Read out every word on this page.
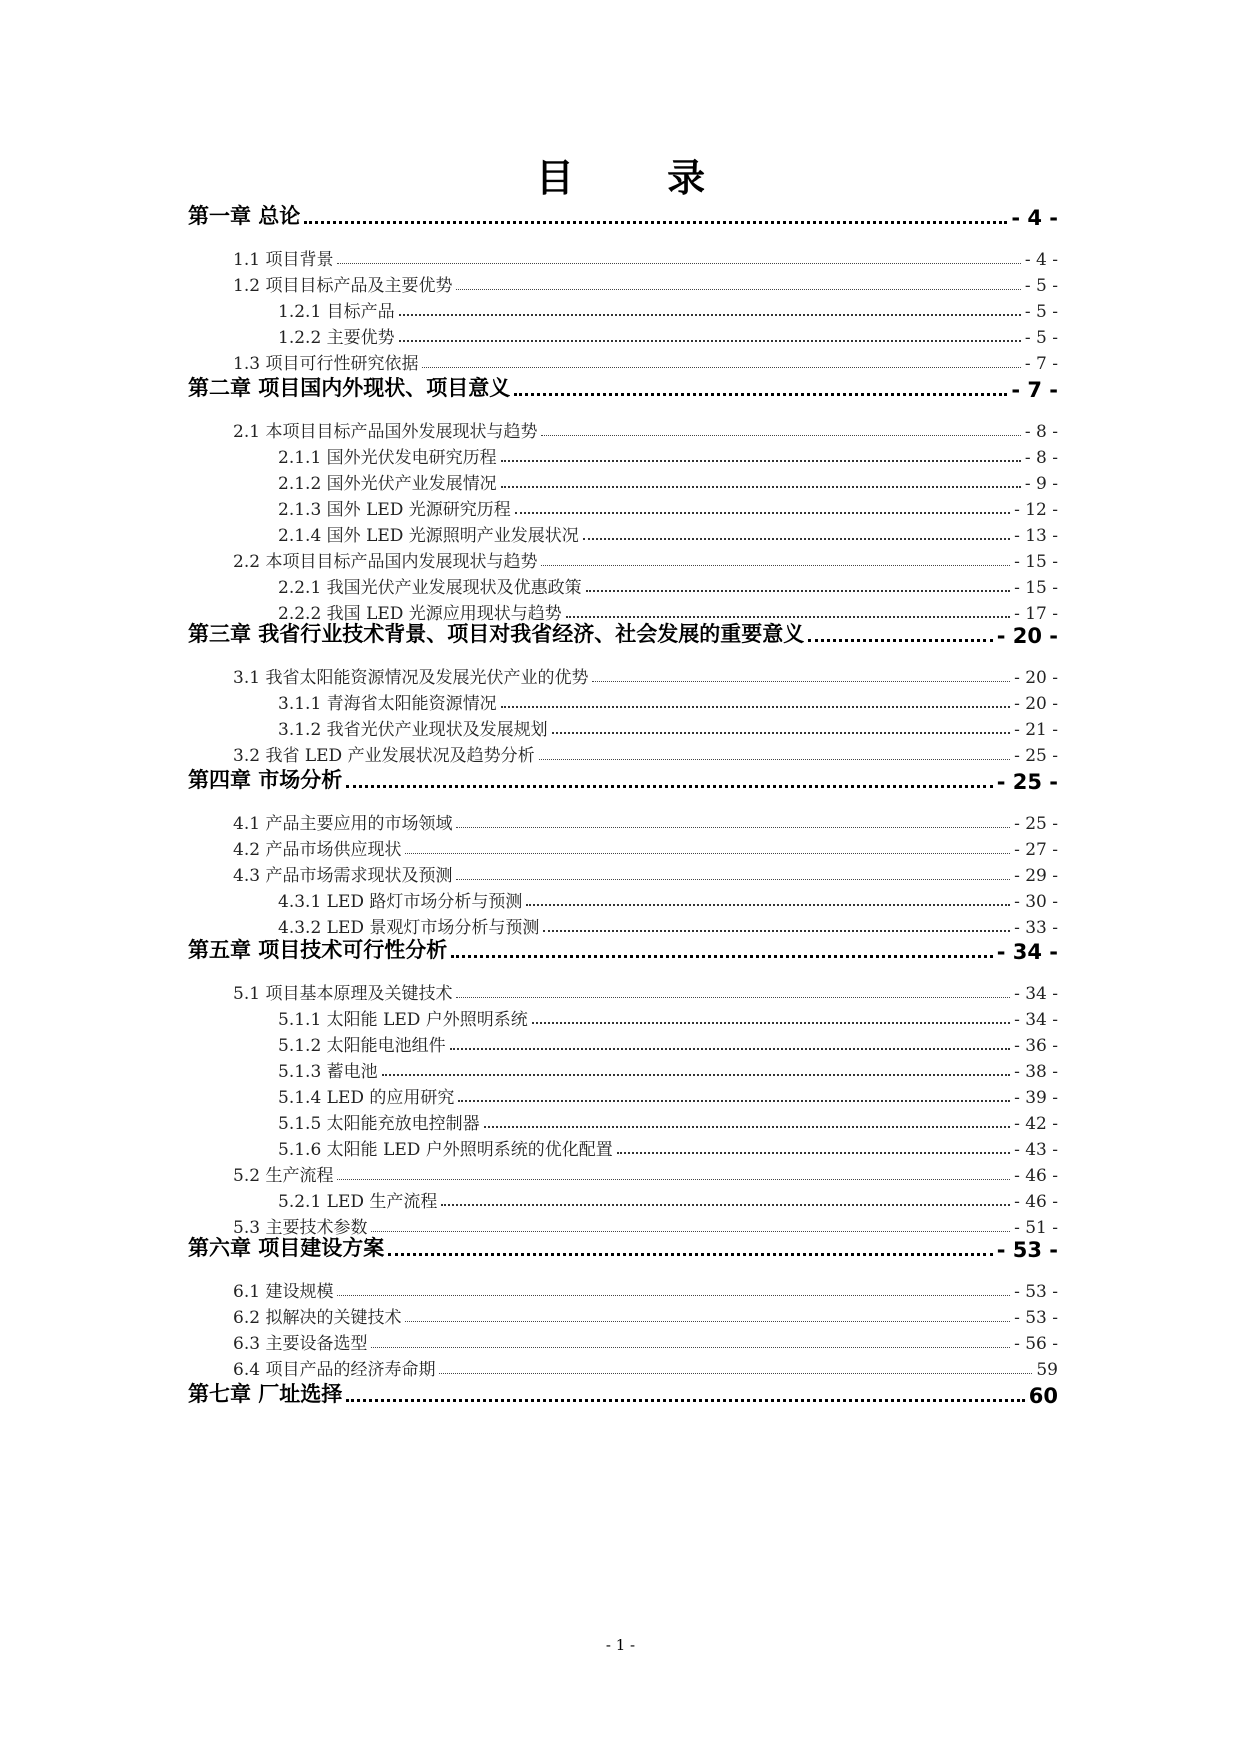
目 录
第一章 总论	- 4 -
1.1 项目背景	- 4 -
1.2 项目目标产品及主要优势	- 5 -
1.2.1 目标产品	- 5 -
1.2.2 主要优势	- 5 -
1.3 项目可行性研究依据	- 7 -
第二章 项目国内外现状、项目意义	- 7 -
2.1 本项目目标产品国外发展现状与趋势	- 8 -
2.1.1 国外光伏发电研究历程	- 8 -
2.1.2 国外光伏产业发展情况	- 9 -
2.1.3 国外 LED 光源研究历程	- 12 -
2.1.4 国外 LED 光源照明产业发展状况	- 13 -
2.2 本项目目标产品国内发展现状与趋势	- 15 -
2.2.1 我国光伏产业发展现状及优惠政策	- 15 -
2.2.2 我国 LED 光源应用现状与趋势	- 17 -
第三章 我省行业技术背景、项目对我省经济、社会发展的重要意义	- 20 -
3.1 我省太阳能资源情况及发展光伏产业的优势	- 20 -
3.1.1 青海省太阳能资源情况	- 20 -
3.1.2 我省光伏产业现状及发展规划	- 21 -
3.2 我省 LED 产业发展状况及趋势分析	- 25 -
第四章 市场分析	- 25 -
4.1 产品主要应用的市场领域	- 25 -
4.2 产品市场供应现状	- 27 -
4.3 产品市场需求现状及预测	- 29 -
4.3.1 LED 路灯市场分析与预测	- 30 -
4.3.2 LED 景观灯市场分析与预测	- 33 -
第五章 项目技术可行性分析	- 34 -
5.1 项目基本原理及关键技术	- 34 -
5.1.1 太阳能 LED 户外照明系统	- 34 -
5.1.2 太阳能电池组件	- 36 -
5.1.3 蓄电池	- 38 -
5.1.4 LED 的应用研究	- 39 -
5.1.5 太阳能充放电控制器	- 42 -
5.1.6 太阳能 LED 户外照明系统的优化配置	- 43 -
5.2 生产流程	- 46 -
5.2.1 LED 生产流程	- 46 -
5.3 主要技术参数	- 51 -
第六章 项目建设方案	- 53 -
6.1 建设规模	- 53 -
6.2 拟解决的关键技术	- 53 -
6.3 主要设备选型	- 56 -
6.4 项目产品的经济寿命期	59
第七章 厂址选择	60
- 1 -
